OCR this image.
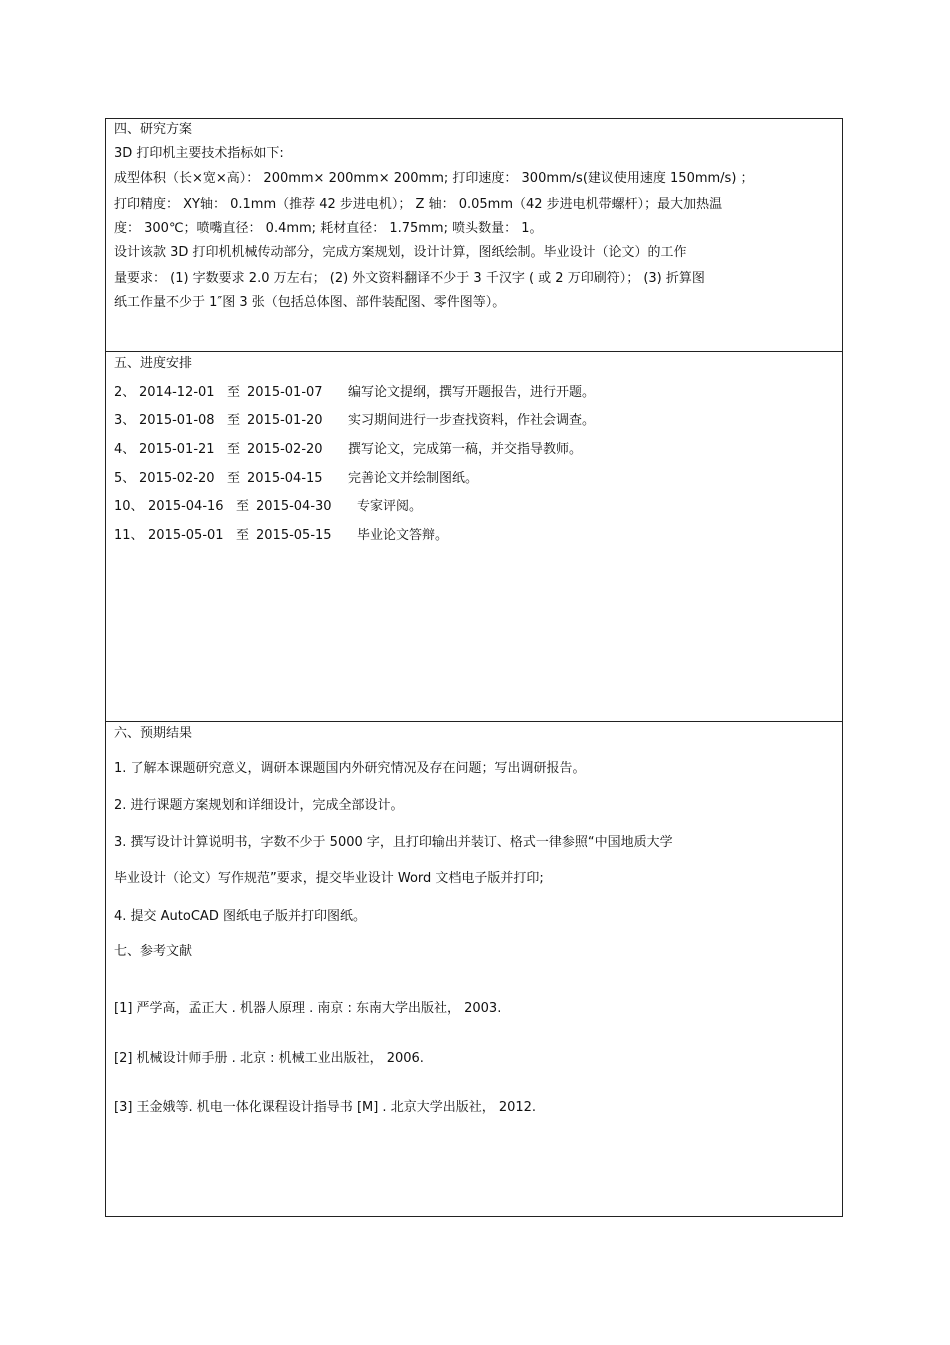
四、研究方案
3D 打印机主要技术指标如下:
成型体积（长×宽×高）： 200mm× 200mm× 200mm; 打印速度： 300mm/s(建议使用速度 150mm/s) ；
打印精度： XY轴： 0.1mm（推荐 42 步进电机）； Z 轴： 0.05mm（42 步进电机带螺杆）；最大加热温
度： 300℃；喷嘴直径： 0.4mm; 耗材直径： 1.75mm; 喷头数量： 1。
设计该款 3D 打印机机械传动部分，完成方案规划，设计计算，图纸绘制。毕业设计（论文）的工作
量要求： (1) 字数要求 2.0 万左右； (2) 外文资料翻译不少于 3 千汉字 ( 或 2 万印刷符）； (3) 折算图
纸工作量不少于 1″图 3 张（包括总体图、部件装配图、零件图等）。
五、进度安排
2、 2014-12-01 至 2015-01-07 编写论文提纲，撰写开题报告，进行开题。
3、 2015-01-08 至 2015-01-20 实习期间进行一步查找资料，作社会调查。
4、 2015-01-21 至 2015-02-20 撰写论文，完成第一稿，并交指导教师。
5、 2015-02-20 至 2015-04-15 完善论文并绘制图纸。
10、 2015-04-16 至 2015-04-30 专家评阅。
11、 2015-05-01 至 2015-05-15 毕业论文答辩。
六、预期结果
1. 了解本课题研究意义，调研本课题国内外研究情况及存在问题；写出调研报告。
2. 进行课题方案规划和详细设计，完成全部设计。
3. 撰写设计计算说明书，字数不少于 5000 字，且打印输出并装订、格式一律参照“中国地质大学
毕业设计（论文）写作规范”要求，提交毕业设计 Word 文档电子版并打印;
4. 提交 AutoCAD 图纸电子版并打印图纸。
七、参考文献
[1] 严学高，孟正大 . 机器人原理 . 南京 : 东南大学出版社， 2003.
[2] 机械设计师手册 . 北京 : 机械工业出版社， 2006.
[3] 王金娥等. 机电一体化课程设计指导书 [M] . 北京大学出版社， 2012.
